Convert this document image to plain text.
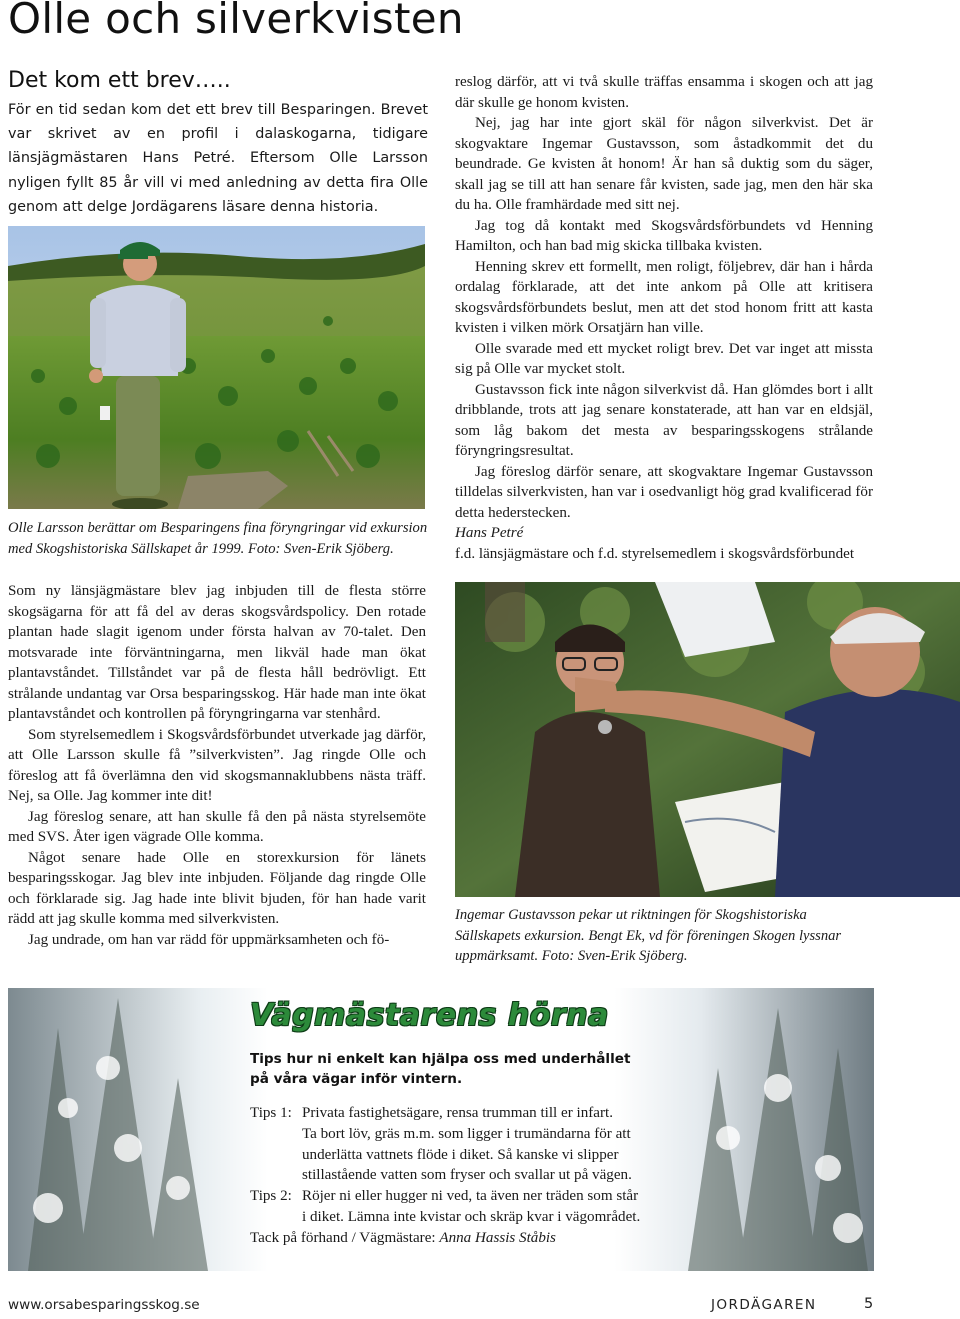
Olle och silverkvisten
Det kom ett brev…..
För en tid sedan kom det ett brev till Besparingen. Brevet var skrivet av en profil i dalaskogarna, tidigare länsjägmästaren Hans Petré. Eftersom Olle Larsson nyligen fyllt 85 år vill vi med anledning av detta fira Olle genom att delge Jordägarens läsare denna historia.
Olle Larsson berättar om Besparingens fina föryngringar vid exkursion med Skogshistoriska Sällskapet år 1999. Foto: Sven-Erik Sjöberg.

Som ny länsjägmästare blev jag inbjuden till de flesta större skogsägarna för att få del av deras skogsvårdspolicy. Den rotade plantan hade slagit igenom under första halvan av 70-talet. Den motsvarade inte förväntningarna, men likväl hade man ökat plantavståndet. Tillståndet var på de flesta håll bedrövligt. Ett strålande undantag var Orsa besparingsskog. Här hade man inte ökat plantavståndet och kontrollen på föryngringarna var stenhård.

Som styrelsemedlem i Skogsvårdsförbundet utverkade jag därför, att Olle Larsson skulle få ”silverkvisten”. Jag ringde Olle och föreslog att få överlämna den vid skogsmannaklubbens nästa träff. Nej, sa Olle. Jag kommer inte dit!

Jag föreslog senare, att han skulle få den på nästa styrelsemöte med SVS. Åter igen vägrade Olle komma.

Något senare hade Olle en storexkursion för länets besparingsskogar. Jag blev inte inbjuden. Följande dag ringde Olle och förklarade sig. Jag hade inte blivit bjuden, för han hade varit rädd att jag skulle komma med silverkvisten.

Jag undrade, om han var rädd för uppmärksamheten och fö-

reslog därför, att vi två skulle träffas ensamma i skogen och att jag där skulle ge honom kvisten.

Nej, jag har inte gjort skäl för någon silverkvist. Det är skogvaktare Ingemar Gustavsson, som åstadkommit det du beundrade. Ge kvisten åt honom! Är han så duktig som du säger, skall jag se till att han senare får kvisten, sade jag, men den här ska du ha. Olle framhärdade med sitt nej.

Jag tog då kontakt med Skogsvårdsförbundets vd Henning Hamilton, och han bad mig skicka tillbaka kvisten.

Henning skrev ett formellt, men roligt, följebrev, där han i hårda ordalag förklarade, att det inte ankom på Olle att kritisera skogsvårdsförbundets beslut, men att det stod honom fritt att kasta kvisten i vilken mörk Orsatjärn han ville.

Olle svarade med ett mycket roligt brev. Det var inget att missta sig på Olle var mycket stolt.

Gustavsson fick inte någon silverkvist då. Han glömdes bort i allt dribblande, trots att jag senare konstaterade, att han var en eldsjäl, som låg bakom det mesta av besparingsskogens strålande föryngringsresultat.

Jag föreslog därför senare, att skogvaktare Ingemar Gustavsson tilldelas silverkvisten, han var i osedvanligt hög grad kvalificerad för detta hederstecken.

Hans Petré

f.d. länsjägmästare och f.d. styrelsemedlem i skogsvårdsförbundet

Ingemar Gustavsson pekar ut riktningen för Skogshistoriska Sällskapets exkursion. Bengt Ek, vd för föreningen Skogen lyssnar uppmärksamt. Foto: Sven-Erik Sjöberg.
Vägmästarens hörna
Tips hur ni enkelt kan hjälpa oss med underhållet på våra vägar inför vintern.
Tips 1: Privata fastighetsägare, rensa trumman till er infart.
Ta bort löv, gräs m.m. som ligger i trumändarna för att
underlätta vattnets flöde i diket. Så kanske vi slipper
stillastående vatten som fryser och svallar ut på vägen.
Tips 2: Röjer ni eller hugger ni ved, ta även ner träden som står
i diket. Lämna inte kvistar och skräp kvar i vägområdet.
Tack på förhand / Vägmästare: Anna Hassis Ståbis
www.orsabesparingsskog.se	JORDÄGAREN	5
